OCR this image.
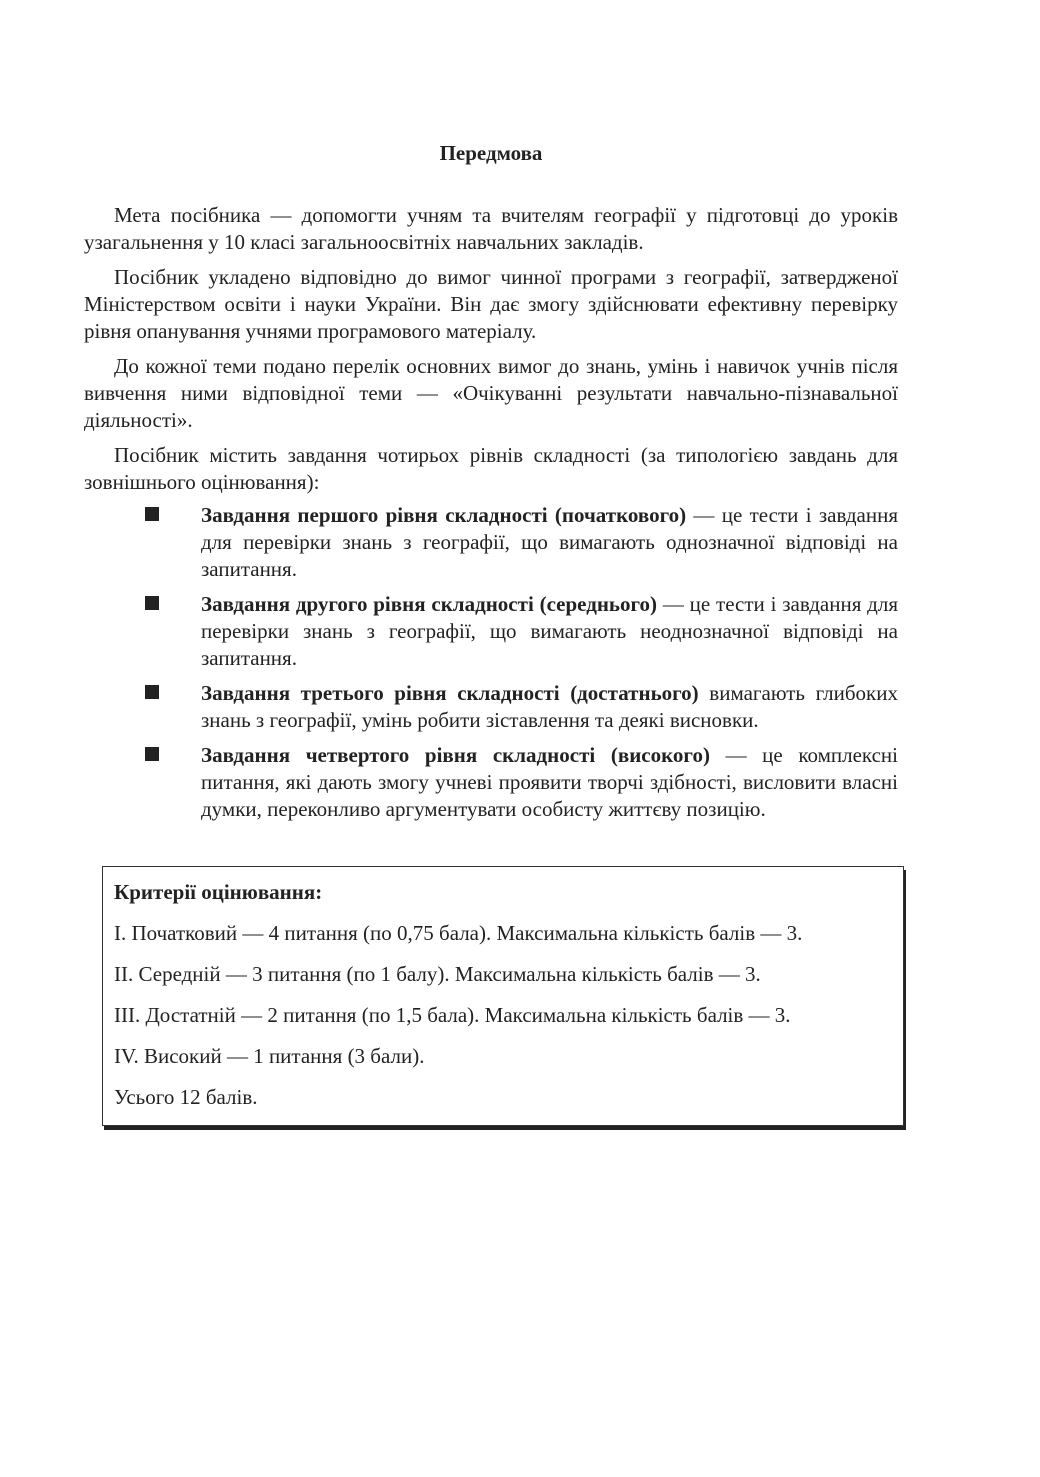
Передмова

Мета посібника — допомогти учням та вчителям географії у підготовці до уроків узагальнення у 10 класі загальноосвітніх навчальних закладів.

Посібник укладено відповідно до вимог чинної програми з географії, затвердженої Міністерством освіти і науки України. Він дає змогу здійснювати ефективну перевірку рівня опанування учнями програмового матеріалу.

До кожної теми подано перелік основних вимог до знань, умінь і навичок учнів після вивчення ними відповідної теми — «Очікуванні результати навчально-пізнавальної діяльності».

Посібник містить завдання чотирьох рівнів складності (за типологією завдань для зовнішнього оцінювання):

Завдання першого рівня складності (початкового) — це тести і завдання для перевірки знань з географії, що вимагають однозначної відповіді на запитання.
Завдання другого рівня складності (середнього) — це тести і завдання для перевірки знань з географії, що вимагають неоднозначної відповіді на запитання.
Завдання третього рівня складності (достатнього) вимагають глибоких знань з географії, умінь робити зіставлення та деякі висновки.
Завдання четвертого рівня складності (високого) — це комплексні питання, які дають змогу учневі проявити творчі здібності, висловити власні думки, переконливо аргументувати особисту життєву позицію.
Критерії оцінювання:
I. Початковий — 4 питання (по 0,75 бала). Максимальна кількість балів — 3.
II. Середній — 3 питання (по 1 балу). Максимальна кількість балів — 3.
III. Достатній — 2 питання (по 1,5 бала). Максимальна кількість балів — 3.
IV. Високий — 1 питання (3 бали).
Усього 12 балів.
